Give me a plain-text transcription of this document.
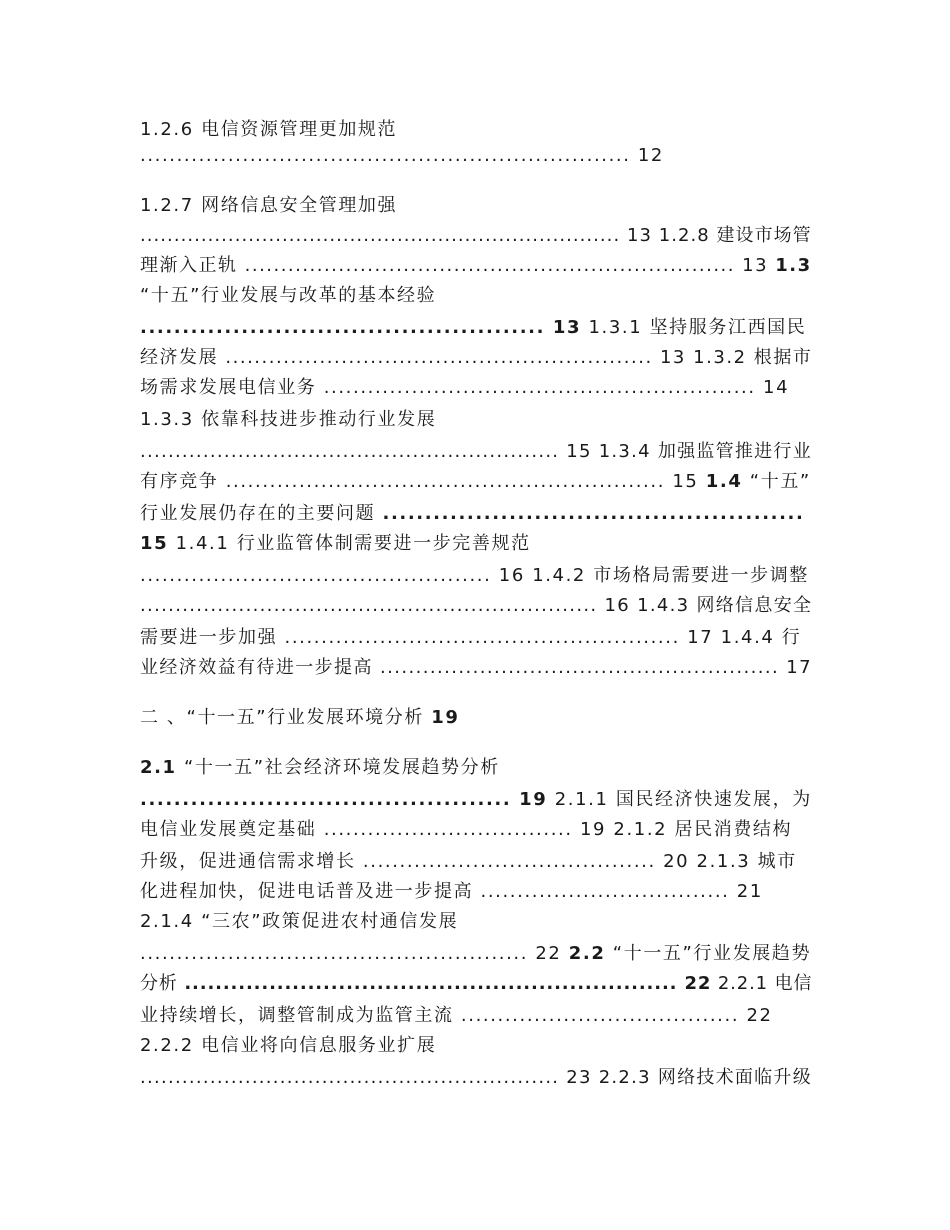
1.2.6 电信资源管理更加规范
................................................................... 12
1.2.7 网络信息安全管理加强
....................................................................... 13 1.2.8 建设市场管
理渐入正轨 .................................................................... 13 1.3
“十五”行业发展与改革的基本经验
................................................ 13 1.3.1 坚持服务江西国民
经济发展 ........................................................... 13 1.3.2 根据市
场需求发展电信业务 ........................................................... 14
1.3.3 依靠科技进步推动行业发展
............................................................ 15 1.3.4 加强监管推进行业
有序竞争 ............................................................ 15 1.4 “十五”
行业发展仍存在的主要问题 ..................................................
15 1.4.1 行业监管体制需要进一步完善规范
................................................ 16 1.4.2 市场格局需要进一步调整
................................................................. 16 1.4.3 网络信息安全
需要进一步加强 ...................................................... 17 1.4.4 行
业经济效益有待进一步提高 ........................................................ 17
二 、“十一五”行业发展环境分析 19
2.1 “十一五”社会经济环境发展趋势分析
............................................ 19 2.1.1 国民经济快速发展，为
电信业发展奠定基础 .................................. 19 2.1.2 居民消费结构
升级，促进通信需求增长 ........................................ 20 2.1.3 城市
化进程加快，促进电话普及进一步提高 .................................. 21
2.1.4 “三农”政策促进农村通信发展
..................................................... 22 2.2 “十一五”行业发展趋势
分析 ................................................................ 22 2.2.1 电信
业持续增长，调整管制成为监管主流 ...................................... 22
2.2.2 电信业将向信息服务业扩展
............................................................ 23 2.2.3 网络技术面临升级
